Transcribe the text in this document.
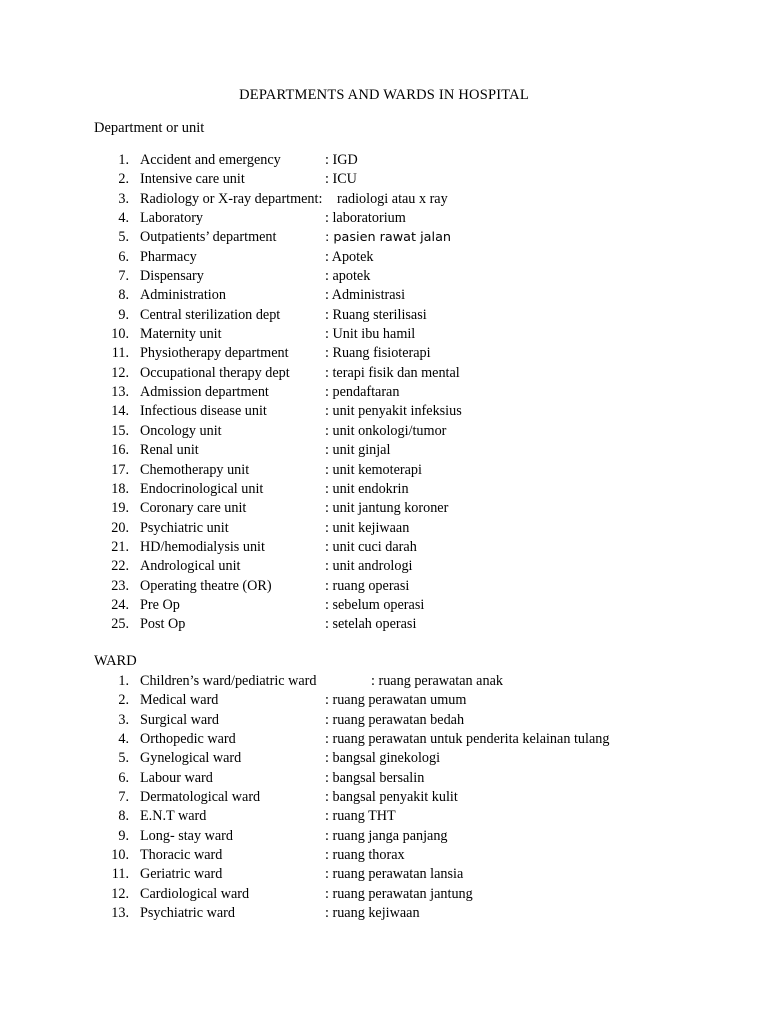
DEPARTMENTS AND WARDS IN HOSPITAL
Department or unit
1. Accident and emergency	: IGD
2. Intensive care unit	: ICU
3. Radiology or X-ray department: radiologi atau x ray
4. Laboratory	: laboratorium
5. Outpatients’ department	: pasien rawat jalan
6. Pharmacy	: Apotek
7. Dispensary	: apotek
8. Administration	: Administrasi
9. Central sterilization dept	: Ruang sterilisasi
10. Maternity unit	: Unit ibu hamil
11. Physiotherapy department	: Ruang fisioterapi
12. Occupational therapy dept : terapi fisik dan mental
13. Admission department	: pendaftaran
14. Infectious disease unit	: unit penyakit infeksius
15. Oncology unit	: unit onkologi/tumor
16. Renal unit	: unit ginjal
17. Chemotherapy unit	: unit kemoterapi
18. Endocrinological unit	: unit endokrin
19. Coronary care unit	: unit jantung koroner
20. Psychiatric unit	: unit kejiwaan
21. HD/hemodialysis unit	: unit cuci darah
22. Andrological unit	: unit andrologi
23. Operating theatre (OR)	: ruang operasi
24. Pre Op	: sebelum operasi
25. Post Op	: setelah operasi
WARD
1. Children’s ward/pediatric ward	: ruang perawatan anak
2. Medical ward	: ruang perawatan umum
3. Surgical ward	: ruang perawatan bedah
4. Orthopedic ward	: ruang perawatan untuk penderita kelainan tulang
5. Gynelogical ward	: bangsal ginekologi
6. Labour ward	: bangsal bersalin
7. Dermatological ward	: bangsal penyakit kulit
8. E.N.T ward	: ruang THT
9. Long- stay ward	: ruang janga panjang
10. Thoracic ward	: ruang thorax
11. Geriatric ward	: ruang perawatan lansia
12. Cardiological ward	: ruang perawatan jantung
13. Psychiatric ward	: ruang kejiwaan
